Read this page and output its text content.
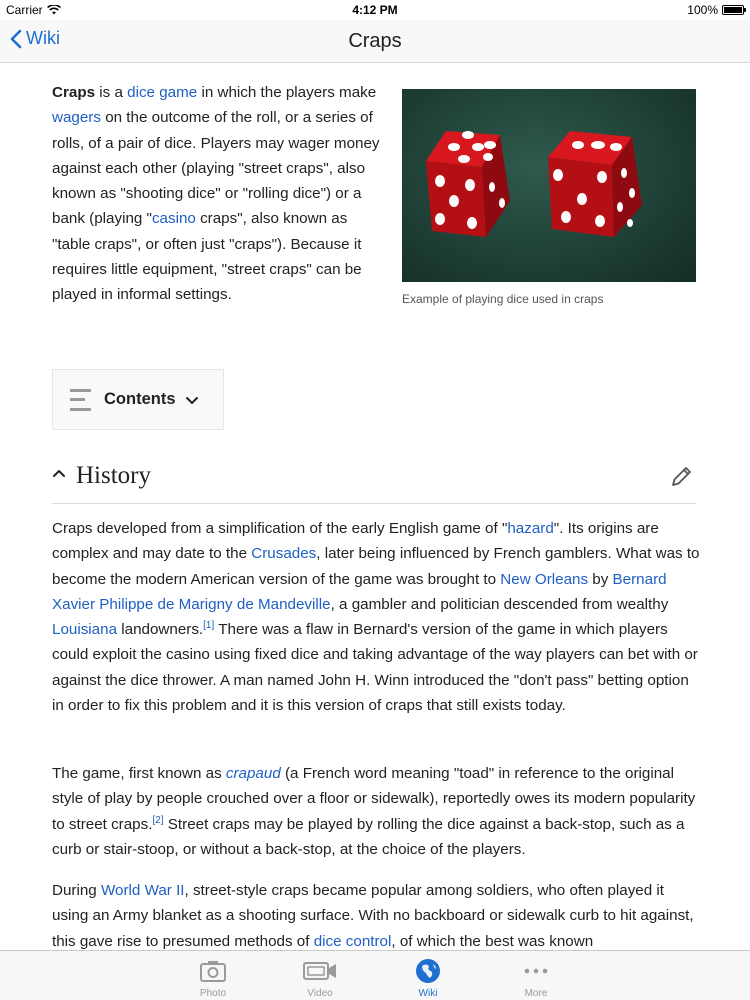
Carrier	4:12 PM	100%
Wiki	Craps
Craps is a dice game in which the players make wagers on the outcome of the roll, or a series of rolls, of a pair of dice. Players may wager money against each other (playing "street craps", also known as "shooting dice" or "rolling dice") or a bank (playing "casino craps", also known as "table craps", or often just "craps"). Because it requires little equipment, "street craps" can be played in informal settings.	Example of playing dice used in craps
Contents
History
Craps developed from a simplification of the early English game of "hazard". Its origins are complex and may date to the Crusades, later being influenced by French gamblers. What was to become the modern American version of the game was brought to New Orleans by Bernard Xavier Philippe de Marigny de Mandeville, a gambler and politician descended from wealthy Louisiana landowners.[1] There was a flaw in Bernard's version of the game in which players could exploit the casino using fixed dice and taking advantage of the way players can bet with or against the dice thrower. A man named John H. Winn introduced the "don't pass" betting option in order to fix this problem and it is this version of craps that still exists today.
The game, first known as crapaud (a French word meaning "toad" in reference to the original style of play by people crouched over a floor or sidewalk), reportedly owes its modern popularity to street craps.[2] Street craps may be played by rolling the dice against a back-stop, such as a curb or stair-stoop, or without a back-stop, at the choice of the players.
During World War II, street-style craps became popular among soldiers, who often played it using an Army blanket as a shooting surface. With no backboard or sidewalk curb to hit against, this gave rise to presumed methods of dice control, of which the best was known
Photo	Video	Wiki	More
